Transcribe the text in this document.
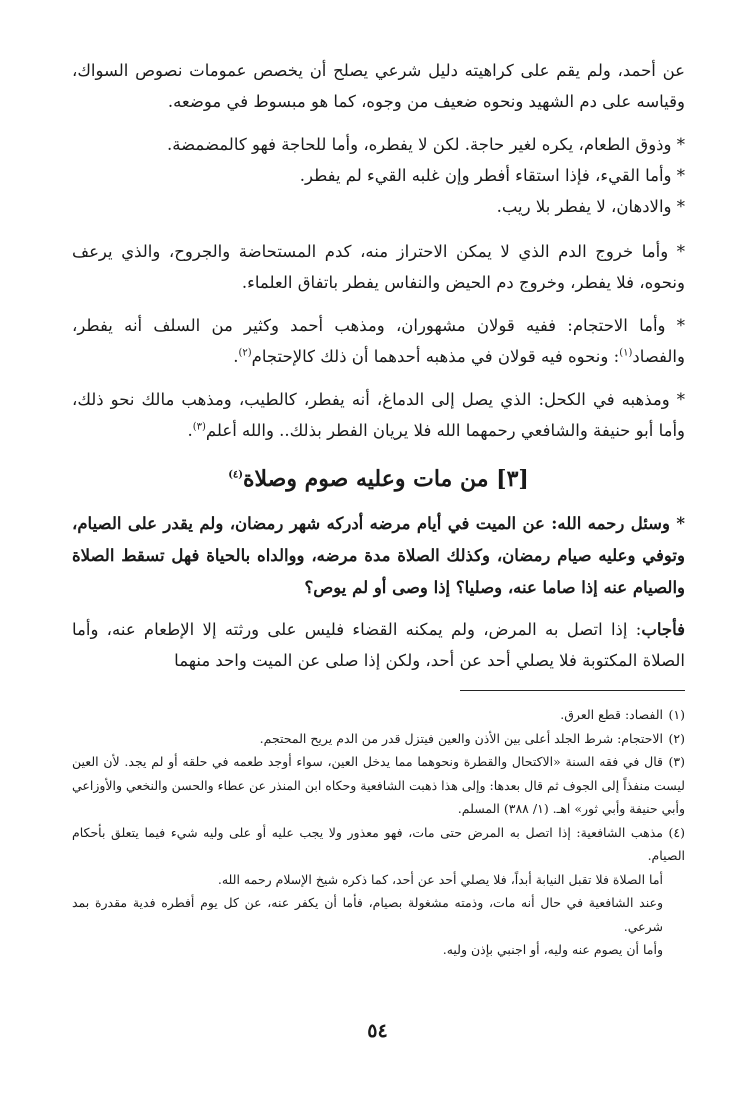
عن أحمد، ولم يقم على كراهيته دليل شرعي يصلح أن يخصص عمومات نصوص السواك، وقياسه على دم الشهيد ونحوه ضعيف من وجوه، كما هو مبسوط في موضعه.

* وذوق الطعام، يكره لغير حاجة. لكن لا يفطره، وأما للحاجة فهو كالمضمضة.

* وأما القيء، فإذا استقاء أفطر وإن غلبه القيء لم يفطر.

* والادهان، لا يفطر بلا ريب.

* وأما خروج الدم الذي لا يمكن الاحتراز منه، كدم المستحاضة والجروح، والذي يرعف ونحوه، فلا يفطر، وخروج دم الحيض والنفاس يفطر باتفاق العلماء.

* وأما الاحتجام: ففيه قولان مشهوران، ومذهب أحمد وكثير من السلف أنه يفطر، والفصاد$^{(١)}$: ونحوه فيه قولان في مذهبه أحدهما أن ذلك كالإحتجام$^{(٢)}$.

* ومذهبه في الكحل: الذي يصل إلى الدماغ، أنه يفطر، كالطيب، ومذهب مالك نحو ذلك، وأما أبو حنيفة والشافعي رحمهما الله فلا يريان الفطر بذلك.. والله أعلم$^{(٣)}$.

[٣] من مات وعليه صوم وصلاة$^{(٤)}$

* وسئل رحمه الله: عن الميت في أيام مرضه أدركه شهر رمضان، ولم يقدر على الصيام، وتوفي وعليه صيام رمضان، وكذلك الصلاة مدة مرضه، ووالداه بالحياة فهل تسقط الصلاة والصيام عنه إذا صاما عنه، وصليا؟ إذا وصى أو لم يوص؟

فأجاب: إذا اتصل به المرض، ولم يمكنه القضاء فليس على ورثته إلا الإطعام عنه، وأما الصلاة المكتوبة فلا يصلي أحد عن أحد، ولكن إذا صلى عن الميت واحد منهما

(١)الفصاد: قطع العرق.

(٢)الاحتجام: شرط الجلد أعلى بين الأذن والعين فيتزل قدر من الدم يريح المحتجم.

(٣)قال في فقه السنة «الاكتحال والقطرة ونحوهما مما يدخل العين، سواء أوجد طعمه في حلقه أو لم يجد. لأن العين ليست منفذاً إلى الجوف ثم قال بعدها: وإلى هذا ذهبت الشافعية وحكاه ابن المنذر عن عطاء والحسن والنخعي والأوزاعي وأبي حنيفة وأبي ثور» اهـ. (١/ ٣٨٨) المسلم.

(٤)مذهب الشافعية: إذا اتصل به المرض حتى مات، فهو معذور ولا يجب عليه أو على وليه شيء فيما يتعلق بأحكام الصيام.

أما الصلاة فلا تقبل النيابة أبداً، فلا يصلي أحد عن أحد، كما ذكره شيخ الإسلام رحمه الله.

وعند الشافعية في حال أنه مات، وذمته مشغولة بصيام، فأما أن يكفر عنه، عن كل يوم أفطره فدية مقدرة بمد شرعي.

وأما أن يصوم عنه وليه، أو اجنبي بإذن وليه.

٥٤
